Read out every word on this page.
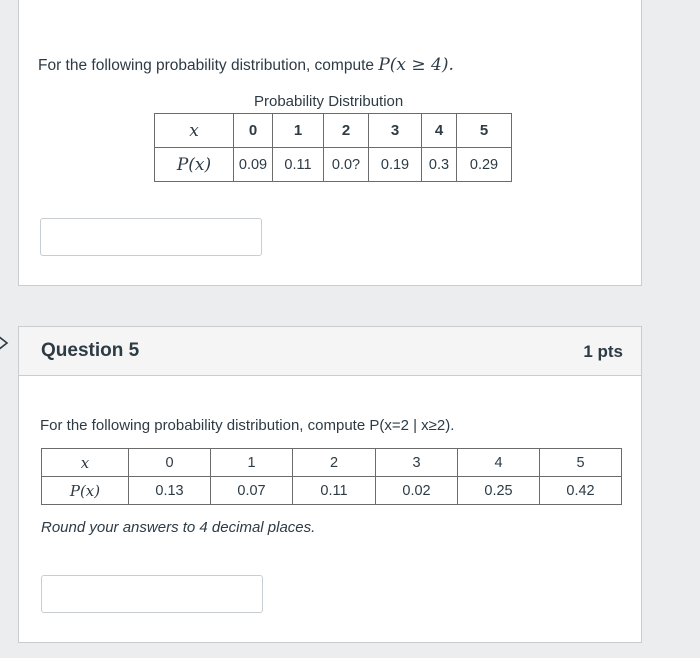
For the following probability distribution, compute P(x ≥ 4).
Probability Distribution
x	0	1	2	3	4	5
P(x)	0.09	0.11	0.0?	0.19	0.3	0.29
Question 5	1 pts
For the following probability distribution, compute P(x=2 | x≥2).
x	0	1	2	3	4	5
P(x)	0.13	0.07	0.11	0.02	0.25	0.42
Round your answers to 4 decimal places.
